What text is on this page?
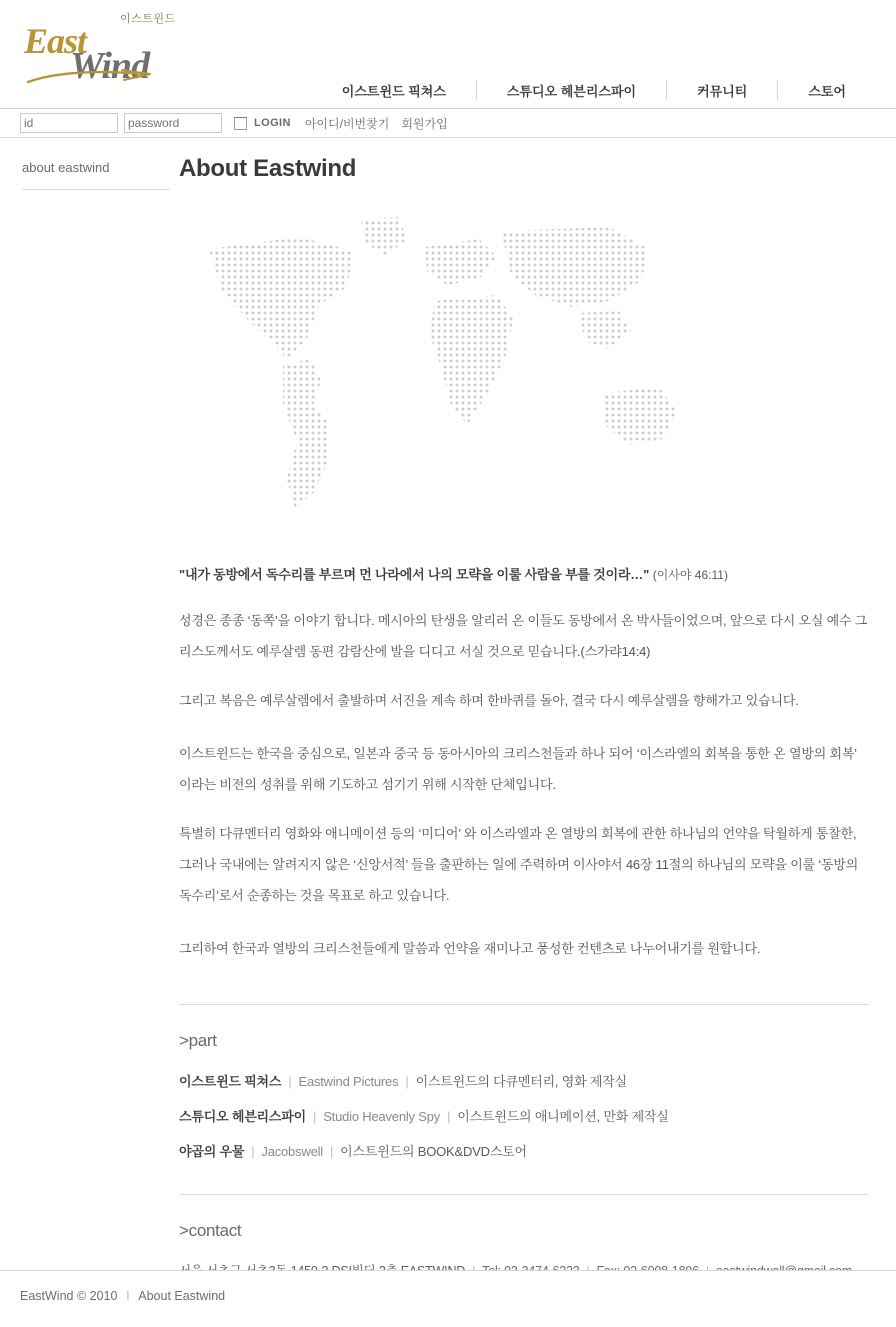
이스트윈드
East
Wind
이스트윈드 픽쳐스	스튜디오 헤븐리스파이	커뮤니티	스토어
id
password
LOGIN 아이디/비번찾기 회원가입
about eastwind	About Eastwind
"내가 동방에서 독수리를 부르며 먼 나라에서 나의 모략을 이룰 사람을 부를 것이라…" (이사야 46:11)

성경은 종종 ‘동쪽’을 이야기 합니다. 메시아의 탄생을 알리러 온 이들도 동방에서 온 박사들이었으며, 앞으로 다시 오실 예수 그리스도께서도 예루살렘 동편 감람산에 발을 디디고 서실 것으로 믿습니다.(스가랴14:4)

그리고 복음은 예루살렘에서 출발하며 서진을 계속 하며 한바퀴를 돌아, 결국 다시 예루살렘을 향해가고 있습니다.

이스트윈드는 한국을 중심으로, 일본과 중국 등 동아시아의 크리스천들과 하나 되어 ‘이스라엘의 회복을 통한 온 열방의 회복’ 이라는 비전의 성취를 위해 기도하고 섬기기 위해 시작한 단체입니다.

특별히 다큐멘터리 영화와 애니메이션 등의 ‘미디어’ 와 이스라엘과 온 열방의 회복에 관한 하나님의 언약을 탁월하게 통찰한, 그러나 국내에는 알려지지 않은 ‘신앙서적’ 들을 출판하는 일에 주력하며 이사야서 46장 11절의 하나님의 모략을 이룰 ‘동방의 독수리’로서 순종하는 것을 목표로 하고 있습니다.

그리하여 한국과 열방의 크리스천들에게 말씀과 언약을 재미나고 풍성한 컨텐츠로 나누어내기를 원합니다.

>part
이스트윈드 픽쳐스 | Eastwind Pictures | 이스트윈드의 다큐멘터리, 영화 제작실
스튜디오 헤븐리스파이 | Studio Heavenly Spy | 이스트윈드의 애니메이션, 만화 제작실
야곱의 우물 | Jacobswell | 이스트윈드의 BOOK&DVD스토어
>contact
EastWind © 2010 l About Eastwind
